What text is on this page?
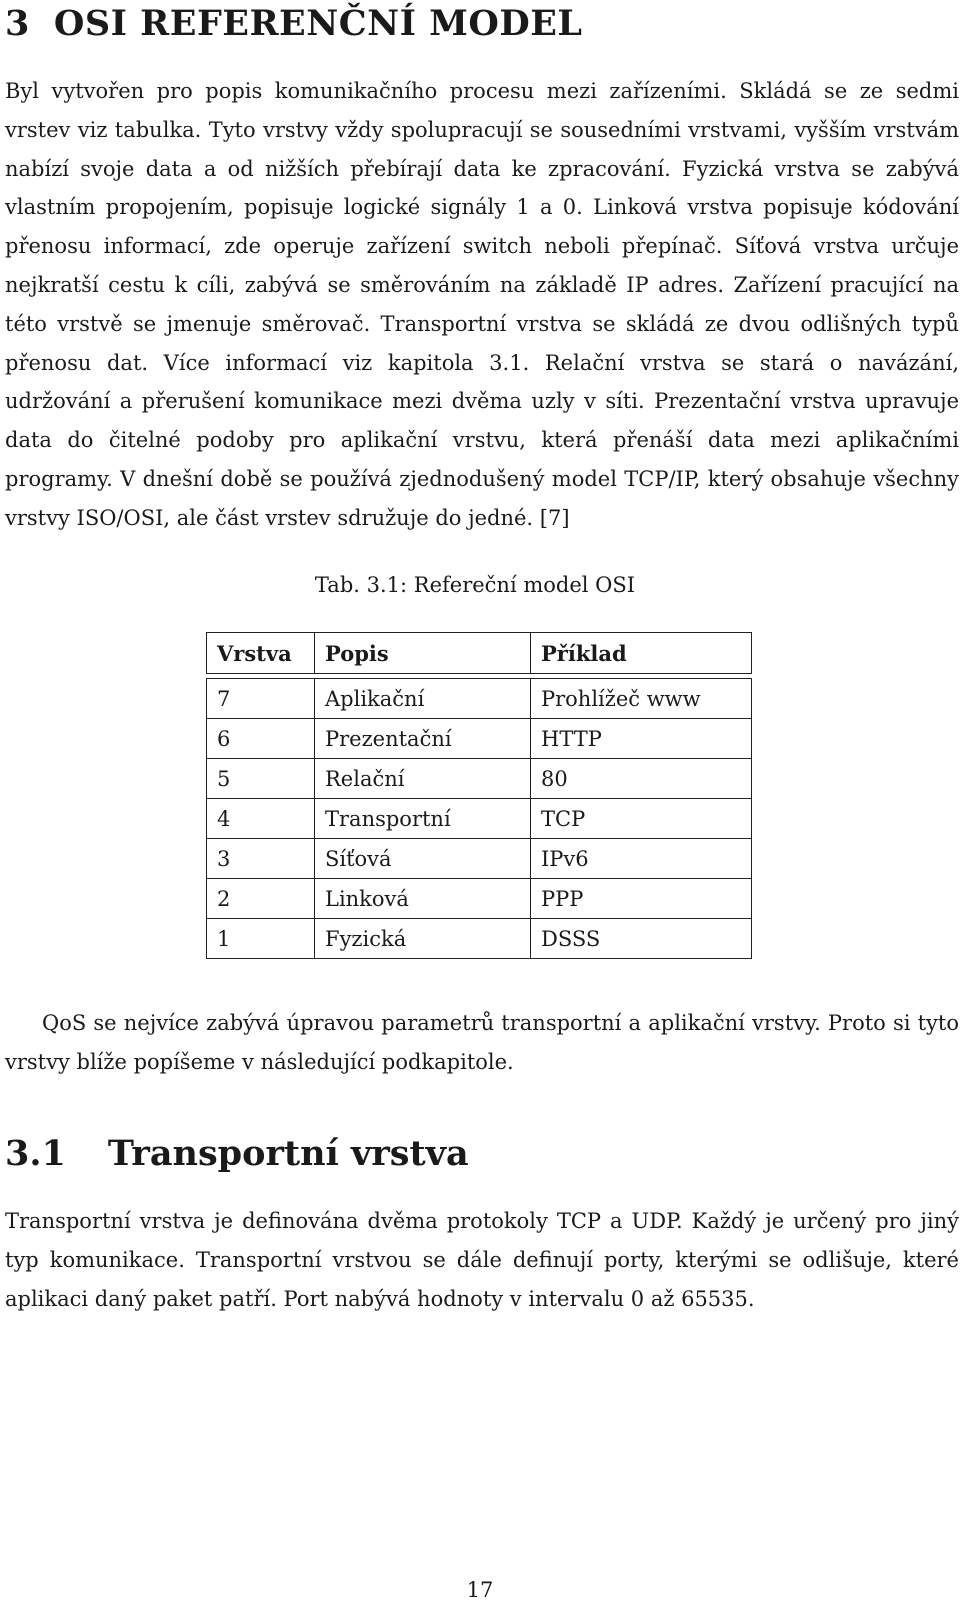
3 OSI REFERENČNÍ MODEL

Byl vytvořen pro popis komunikačního procesu mezi zařízeními. Skládá se ze sedmi vrstev viz tabulka. Tyto vrstvy vždy spolupracují se sousedními vrstvami, vyšším vrstvám nabízí svoje data a od nižších přebírají data ke zpracování. Fyzická vrstva se zabývá vlastním propojením, popisuje logické signály 1 a 0. Linková vrstva popisuje kódování přenosu informací, zde operuje zařízení switch neboli přepínač. Síťová vrstva určuje nejkratší cestu k cíli, zabývá se směrováním na základě IP adres. Zařízení pracující na této vrstvě se jmenuje směrovač. Transportní vrstva se skládá ze dvou odlišných typů přenosu dat. Více informací viz kapitola 3.1. Relační vrstva se stará o navázání, udržování a přerušení komunikace mezi dvěma uzly v síti. Prezentační vrstva upravuje data do čitelné podoby pro aplikační vrstvu, která přenáší data mezi aplikačními programy. V dnešní době se používá zjednodušený model TCP/IP, který obsahuje všechny vrstvy ISO/OSI, ale část vrstev sdružuje do jedné. [7]

Tab. 3.1: Refereční model OSI
Vrstva	Popis	Příklad
7	Aplikační	Prohlížeč www
6	Prezentační	HTTP
5	Relační	80
4	Transportní	TCP
3	Síťová	IPv6
2	Linková	PPP
1	Fyzická	DSSS

QoS se nejvíce zabývá úpravou parametrů transportní a aplikační vrstvy. Proto si tyto vrstvy blíže popíšeme v následující podkapitole.

3.1 Transportní vrstva

Transportní vrstva je definována dvěma protokoly TCP a UDP. Každý je určený pro jiný typ komunikace. Transportní vrstvou se dále definují porty, kterými se odlišuje, které aplikaci daný paket patří. Port nabývá hodnoty v intervalu 0 až 65535.

17
